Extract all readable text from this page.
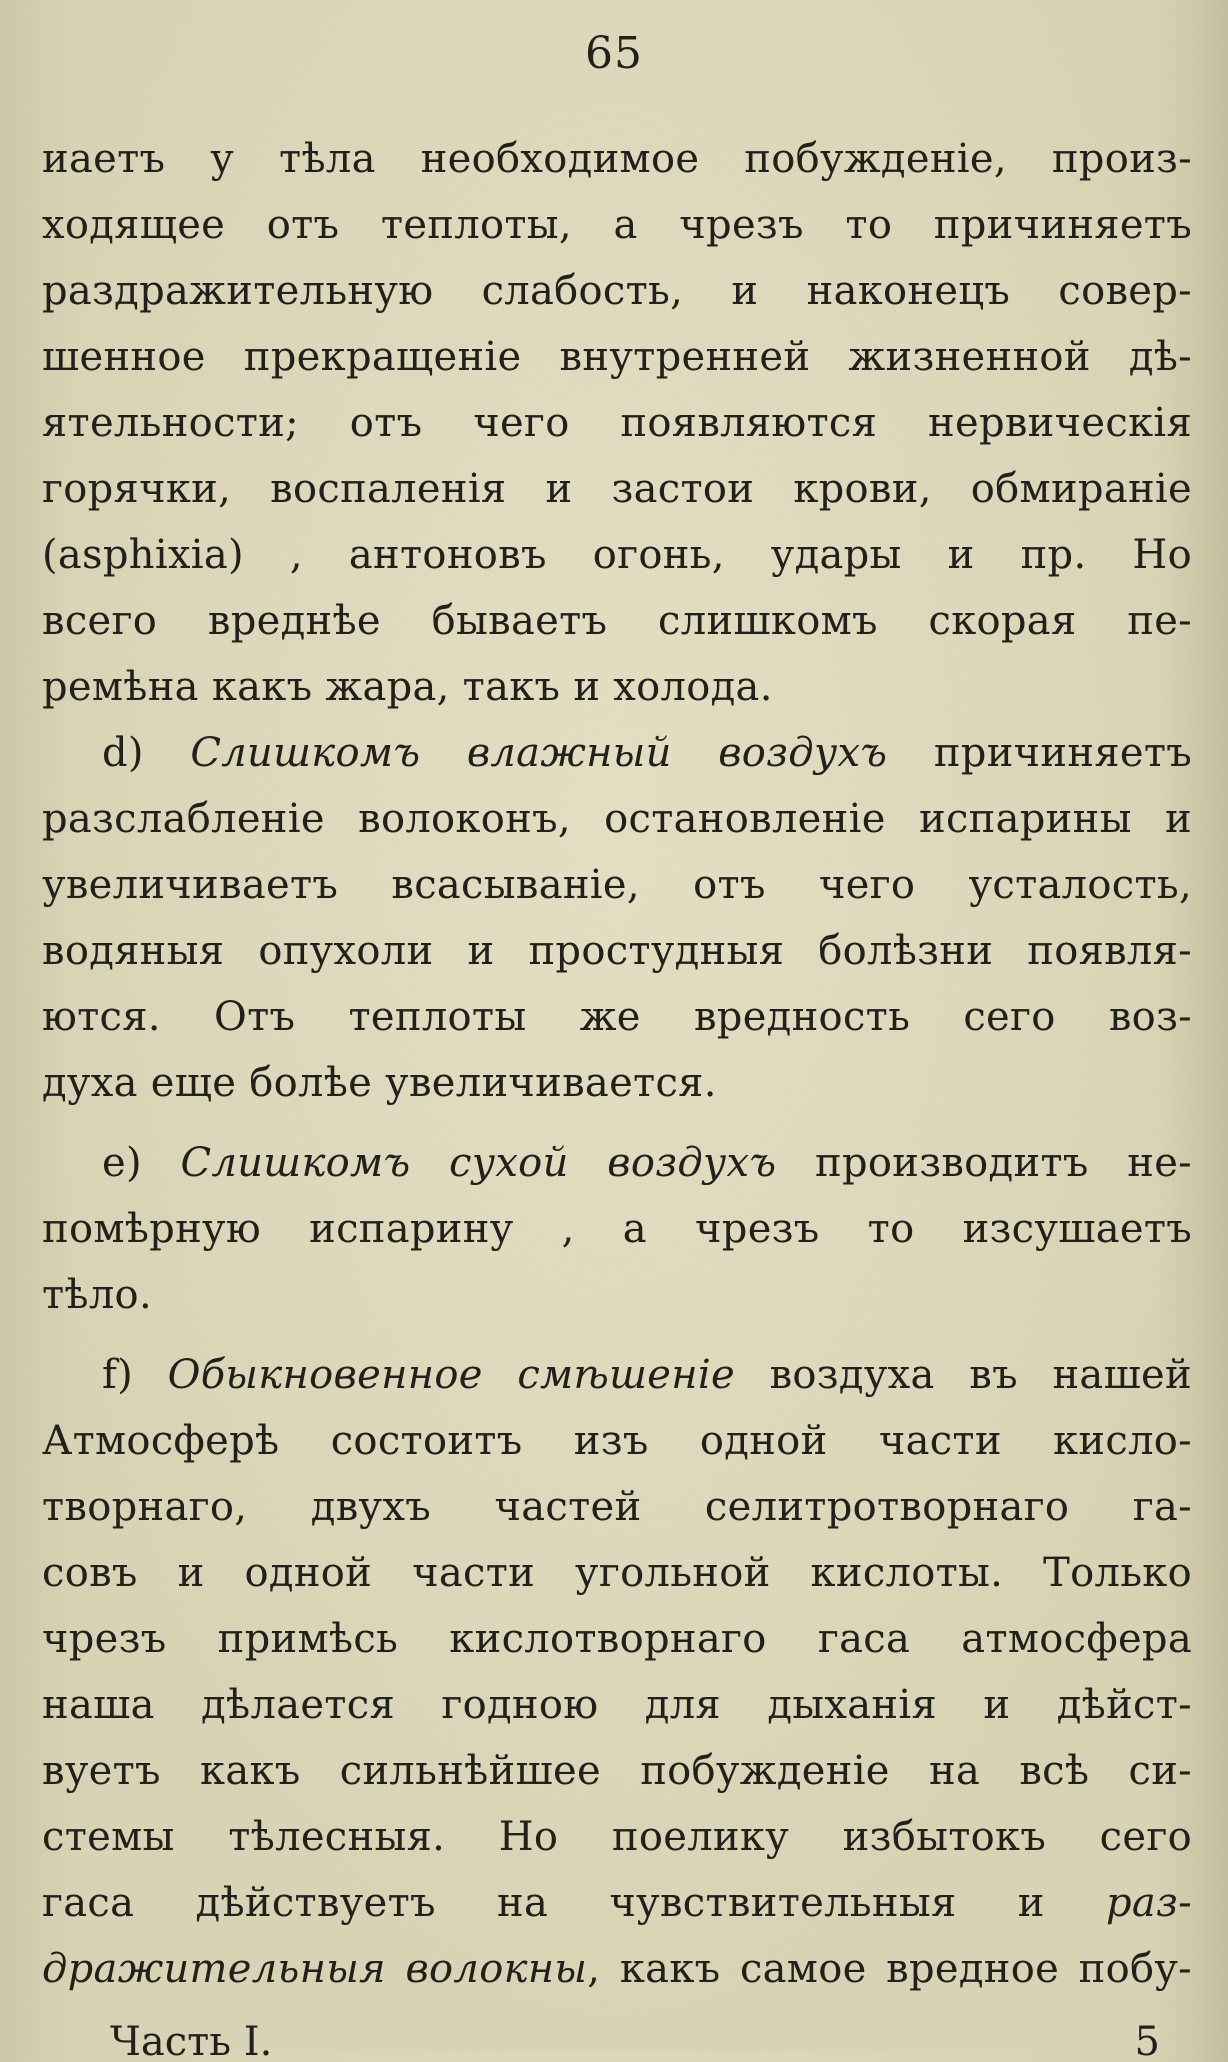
65
иаетъ у тѣла необходимое побужденіе, произ-
ходящее отъ теплоты, а чрезъ то причиняетъ
раздражительную слабость, и наконецъ совер-
шенное прекращеніе внутренней жизненной дѣ-
ятельности; отъ чего появляются нервическія
горячки, воспаленія и застои крови, обмираніе
(asphixia) , антоновъ огонь, удары и пр. Но
всего вреднѣе бываетъ слишкомъ скорая пе-
ремѣна какъ жара, такъ и холода.
d) Слишкомъ влажный воздухъ причиняетъ
разслабленіе волоконъ, остановленіе испарины и
увеличиваетъ всасываніе, отъ чего усталость,
водяныя опухоли и простудныя болѣзни появля-
ются. Отъ теплоты же вредность сего воз-
духа еще болѣе увеличивается.
e) Слишкомъ сухой воздухъ производитъ не-
помѣрную испарину , а чрезъ то изсушаетъ
тѣло.
f) Обыкновенное смѣшеніе воздуха въ нашей
Атмосферѣ состоитъ изъ одной части кисло-
творнаго, двухъ частей селитротворнаго га-
совъ и одной части угольной кислоты. Только
чрезъ примѣсь кислотворнаго гаса атмосфера
наша дѣлается годною для дыханія и дѣйст-
вуетъ какъ сильнѣйшее побужденіе на всѣ си-
стемы тѣлесныя. Но поелику избытокъ сего
гаса дѣйствуетъ на чувствительныя и раз-
дражительныя волокны, какъ самое вредное побу-
Часть I.	5
